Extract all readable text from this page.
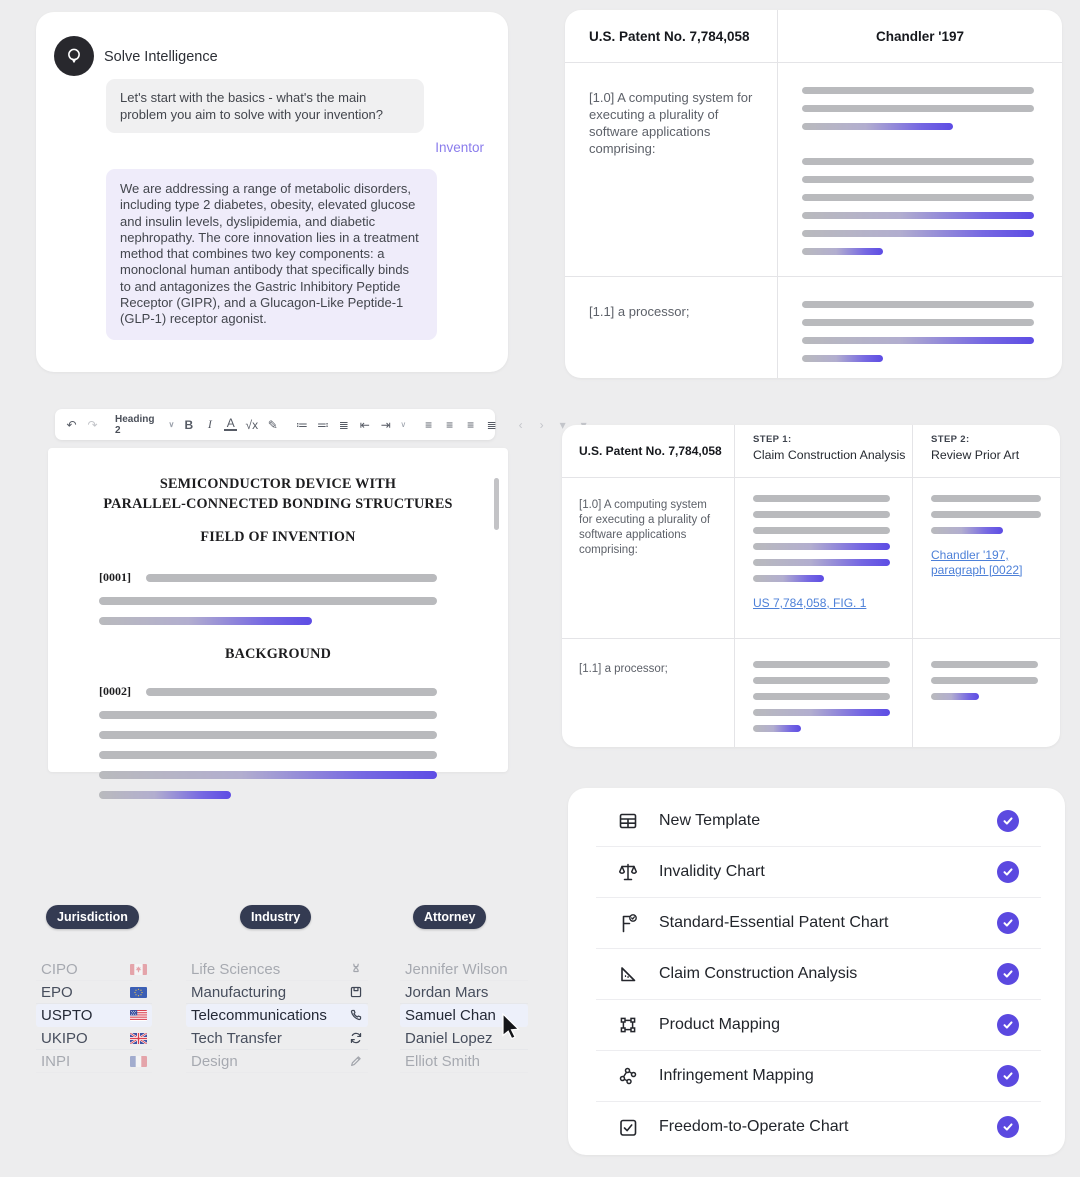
Solve Intelligence
Let's start with the basics - what's the main problem you aim to solve with your invention?
Inventor
We are addressing a range of metabolic disorders, including type 2 diabetes, obesity, elevated glucose and insulin levels, dyslipidemia, and diabetic nephropathy. The core innovation lies in a treatment method that combines two key components: a monoclonal human antibody that specifically binds to and antagonizes the Gastric Inhibitory Peptide Receptor (GIPR), and a Glucagon-Like Peptide-1 (GLP-1) receptor agonist.
U.S. Patent No. 7,784,058	Chandler '197
[1.0] A computing system for executing a plurality of software applications comprising:
[1.1] a processor;
↶ ↷ Heading 2	∨ B	I	A √x ✎ ≔ ≕ ≣ ⇤ ⇥ ∨ ≡ ≡ ≡ ≣	‹	›	▾
SEMICONDUCTOR DEVICE WITH
PARALLEL-CONNECTED BONDING STRUCTURES
FIELD OF INVENTION
[0001]
BACKGROUND
[0002]
U.S. Patent No. 7,784,058
STEP 1:
Claim Construction Analysis
STEP 2:
Review Prior Art
[1.0] A computing system for executing a plurality of software applications comprising:
US 7,784,058, FIG. 1
Chandler '197, paragraph [0022]
[1.1] a processor;
Jurisdiction	Industry	Attorney
CIPO
EPO
USPTO
UKIPO
INPI
Life Sciences
Manufacturing
Telecommunications
Tech Transfer
Design
Jennifer Wilson
Jordan Mars
Samuel Chan
Daniel Lopez
Elliot Smith
New Template
Invalidity Chart
Standard-Essential Patent Chart
Claim Construction Analysis
Product Mapping
Infringement Mapping
Freedom-to-Operate Chart
